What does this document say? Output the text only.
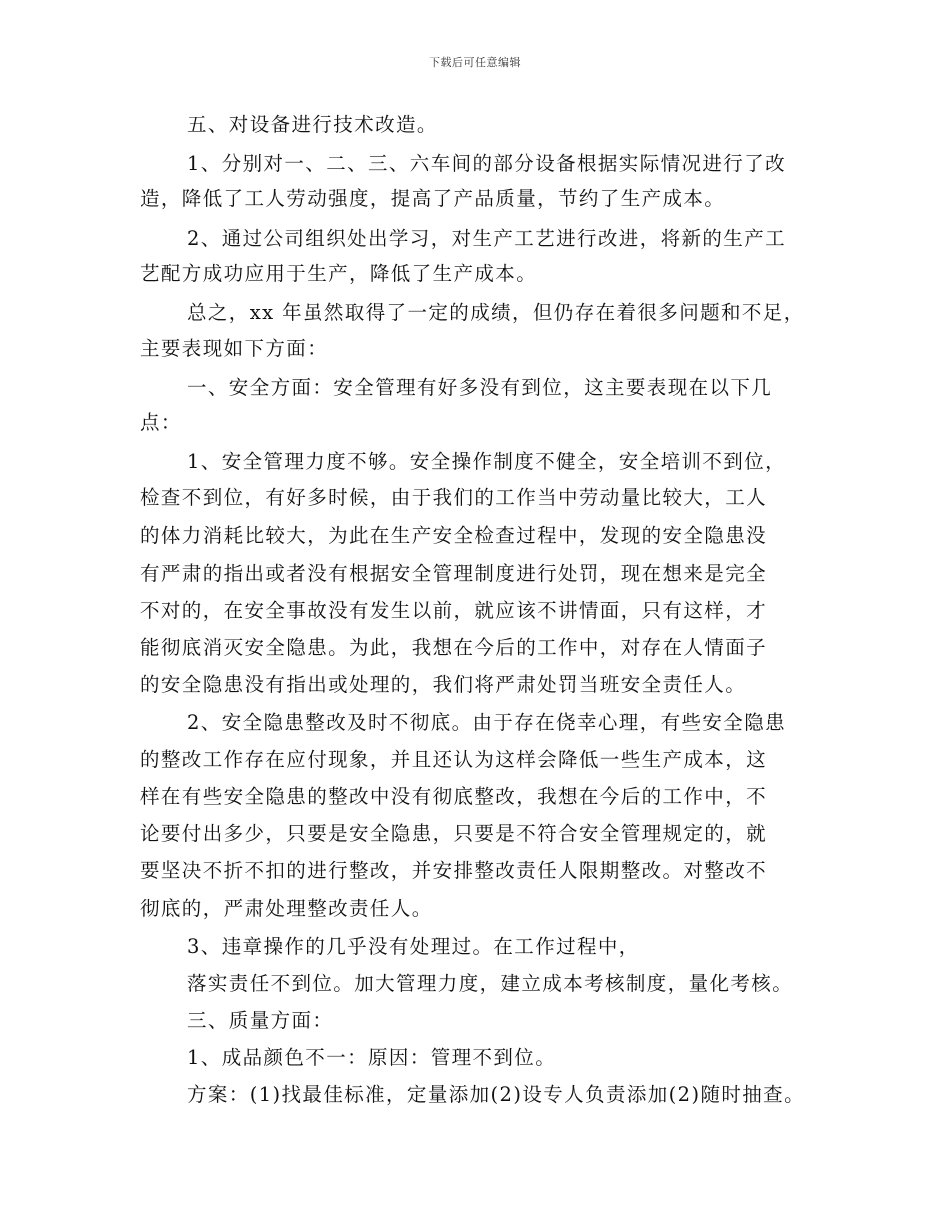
下载后可任意编辑
五、对设备进行技术改造。
1、分别对一、二、三、六车间的部分设备根据实际情况进行了改
造，降低了工人劳动强度，提高了产品质量，节约了生产成本。
2、通过公司组织处出学习，对生产工艺进行改进，将新的生产工
艺配方成功应用于生产，降低了生产成本。
总之，xx 年虽然取得了一定的成绩，但仍存在着很多问题和不足，
主要表现如下方面：
一、安全方面：安全管理有好多没有到位，这主要表现在以下几
点：
1、安全管理力度不够。安全操作制度不健全，安全培训不到位，
检查不到位，有好多时候，由于我们的工作当中劳动量比较大，工人
的体力消耗比较大，为此在生产安全检查过程中，发现的安全隐患没
有严肃的指出或者没有根据安全管理制度进行处罚，现在想来是完全
不对的，在安全事故没有发生以前，就应该不讲情面，只有这样，才
能彻底消灭安全隐患。为此，我想在今后的工作中，对存在人情面子
的安全隐患没有指出或处理的，我们将严肃处罚当班安全责任人。
2、安全隐患整改及时不彻底。由于存在侥幸心理，有些安全隐患
的整改工作存在应付现象，并且还认为这样会降低一些生产成本，这
样在有些安全隐患的整改中没有彻底整改，我想在今后的工作中，不
论要付出多少，只要是安全隐患，只要是不符合安全管理规定的，就
要坚决不折不扣的进行整改，并安排整改责任人限期整改。对整改不
彻底的，严肃处理整改责任人。
3、违章操作的几乎没有处理过。在工作过程中，
落实责任不到位。加大管理力度，建立成本考核制度，量化考核。
三、质量方面：
1、成品颜色不一：原因：管理不到位。
方案：(1)找最佳标准，定量添加(2)设专人负责添加(2)随时抽查。
